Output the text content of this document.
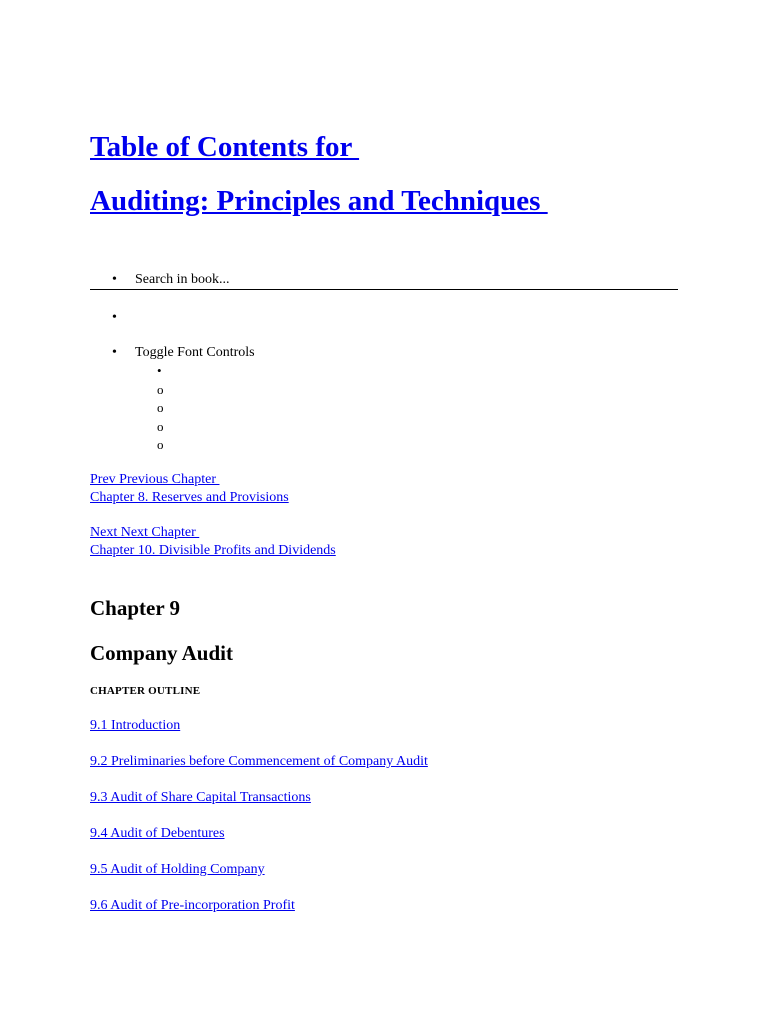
Table of Contents for
Auditing: Principles and Techniques
• Search in book...
•
• Toggle Font Controls
•
o
o
o
o
Prev Previous Chapter
Chapter 8. Reserves and Provisions
Next Next Chapter
Chapter 10. Divisible Profits and Dividends
Chapter 9
Company Audit
CHAPTER OUTLINE
9.1 Introduction
9.2 Preliminaries before Commencement of Company Audit
9.3 Audit of Share Capital Transactions
9.4 Audit of Debentures
9.5 Audit of Holding Company
9.6 Audit of Pre-incorporation Profit
